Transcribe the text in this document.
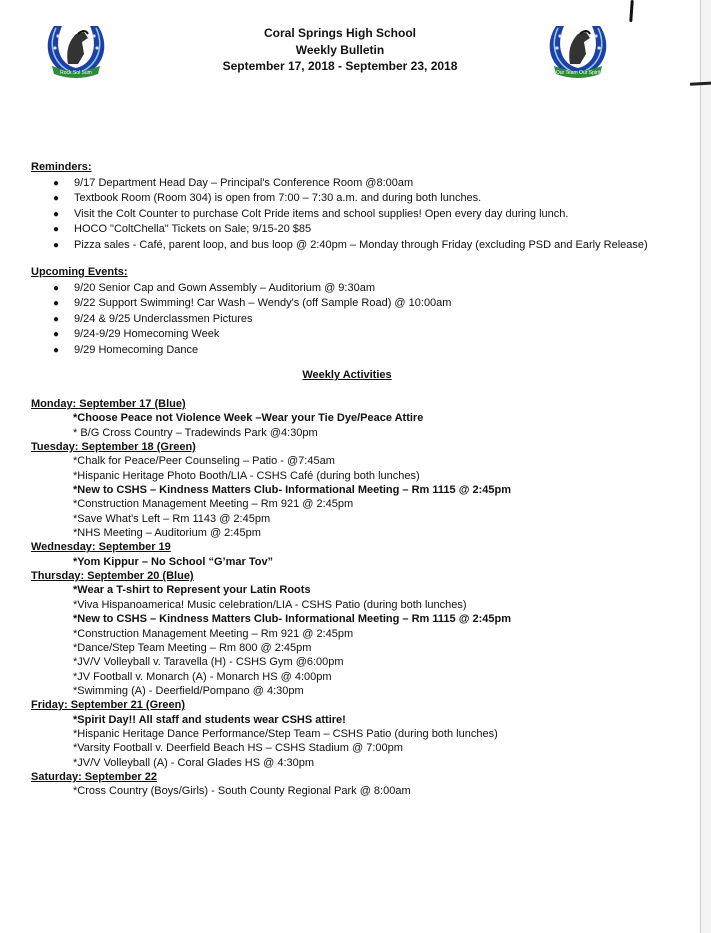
Rock Sol Sum	Our Team Our Spirit
Coral Springs High School
Weekly Bulletin
September 17, 2018 - September 23, 2018
Reminders:
● 9/17 Department Head Day – Principal's Conference Room @8:00am
● Textbook Room (Room 304) is open from 7:00 – 7:30 a.m. and during both lunches.
● Visit the Colt Counter to purchase Colt Pride items and school supplies! Open every day during lunch.
● HOCO "ColtChella" Tickets on Sale; 9/15-20 $85
● Pizza sales - Café, parent loop, and bus loop @ 2:40pm – Monday through Friday (excluding PSD and Early Release)
Upcoming Events:
● 9/20 Senior Cap and Gown Assembly – Auditorium @ 9:30am
● 9/22 Support Swimming! Car Wash – Wendy's (off Sample Road) @ 10:00am
● 9/24 & 9/25 Underclassmen Pictures
● 9/24-9/29 Homecoming Week
● 9/29 Homecoming Dance
Weekly Activities
Monday: September 17 (Blue)
*Choose Peace not Violence Week –Wear your Tie Dye/Peace Attire
* B/G Cross Country – Tradewinds Park @4:30pm
Tuesday: September 18 (Green)
*Chalk for Peace/Peer Counseling – Patio - @7:45am
*Hispanic Heritage Photo Booth/LIA - CSHS Café (during both lunches)
*New to CSHS – Kindness Matters Club- Informational Meeting – Rm 1115 @ 2:45pm
*Construction Management Meeting – Rm 921 @ 2:45pm
*Save What's Left – Rm 1143 @ 2:45pm
*NHS Meeting – Auditorium @ 2:45pm
Wednesday: September 19
*Yom Kippur – No School “G’mar Tov”
Thursday: September 20 (Blue)
*Wear a T-shirt to Represent your Latin Roots
*Viva Hispanoamerica! Music celebration/LIA - CSHS Patio (during both lunches)
*New to CSHS – Kindness Matters Club- Informational Meeting – Rm 1115 @ 2:45pm
*Construction Management Meeting – Rm 921 @ 2:45pm
*Dance/Step Team Meeting – Rm 800 @ 2:45pm
*JV/V Volleyball v. Taravella (H) - CSHS Gym @6:00pm
*JV Football v. Monarch (A) - Monarch HS @ 4:00pm
*Swimming (A) - Deerfield/Pompano @ 4:30pm
Friday: September 21 (Green)
*Spirit Day!! All staff and students wear CSHS attire!
*Hispanic Heritage Dance Performance/Step Team – CSHS Patio (during both lunches)
*Varsity Football v. Deerfield Beach HS – CSHS Stadium @ 7:00pm
*JV/V Volleyball (A) - Coral Glades HS @ 4:30pm
Saturday: September 22
*Cross Country (Boys/Girls) - South County Regional Park @ 8:00am
